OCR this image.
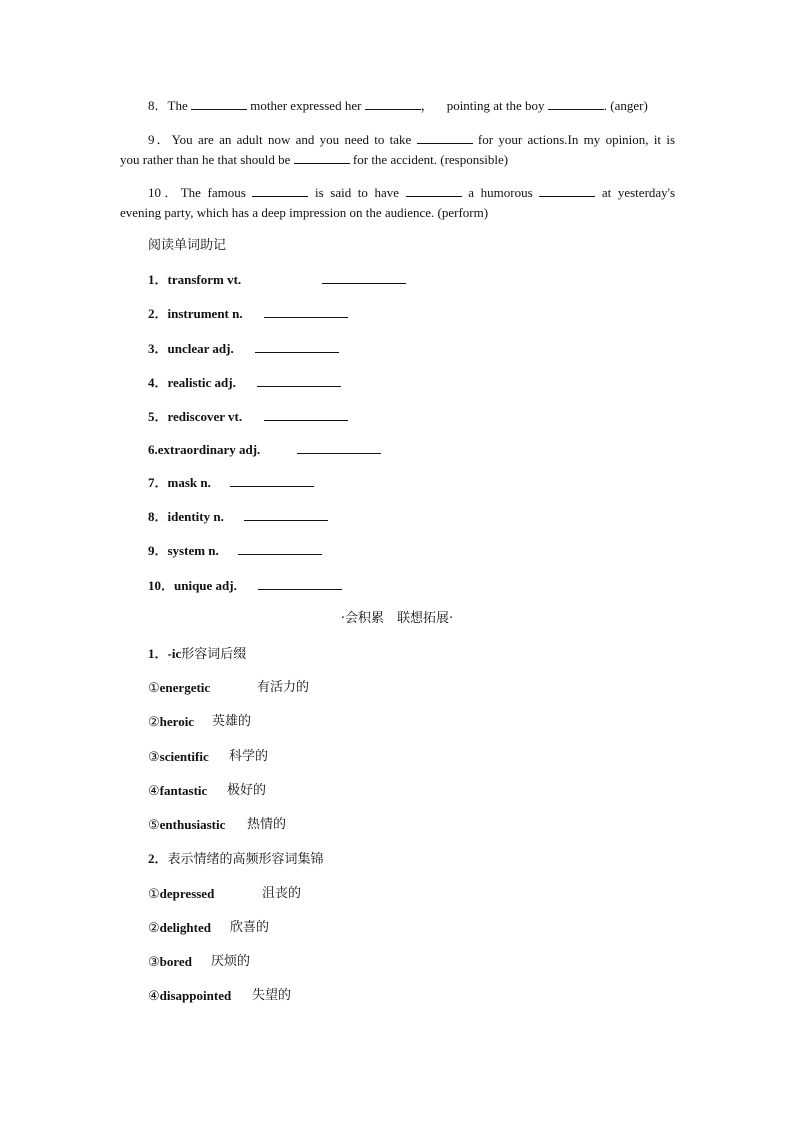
8．The	mother expressed her	， pointing at the boy	. (anger)
9．You are an adult now and you need to take	for your actions.In my opinion, it is
you rather than he that should be	for the accident. (responsible)
10．The famous	is said to have	a humorous	at yesterday's
evening party, which has a deep impression on the audience. (perform)
阅读单词助记
1．transform vt.
2．instrument n.
3．unclear adj.
4．realistic adj.
5．rediscover vt.
6.extraordinary adj.
7．mask n.
8．identity n.
9．system n.
10．unique adj.
·会积累　联想拓展·
1．-ic形容词后缀
①energetic	有活力的
②heroic 英雄的
③scientific 科学的
④fantastic 极好的
⑤enthusiastic 热情的
2．表示情绪的高频形容词集锦
①depressed	沮丧的
②delighted 欣喜的
③bored 厌烦的
④disappointed 失望的
